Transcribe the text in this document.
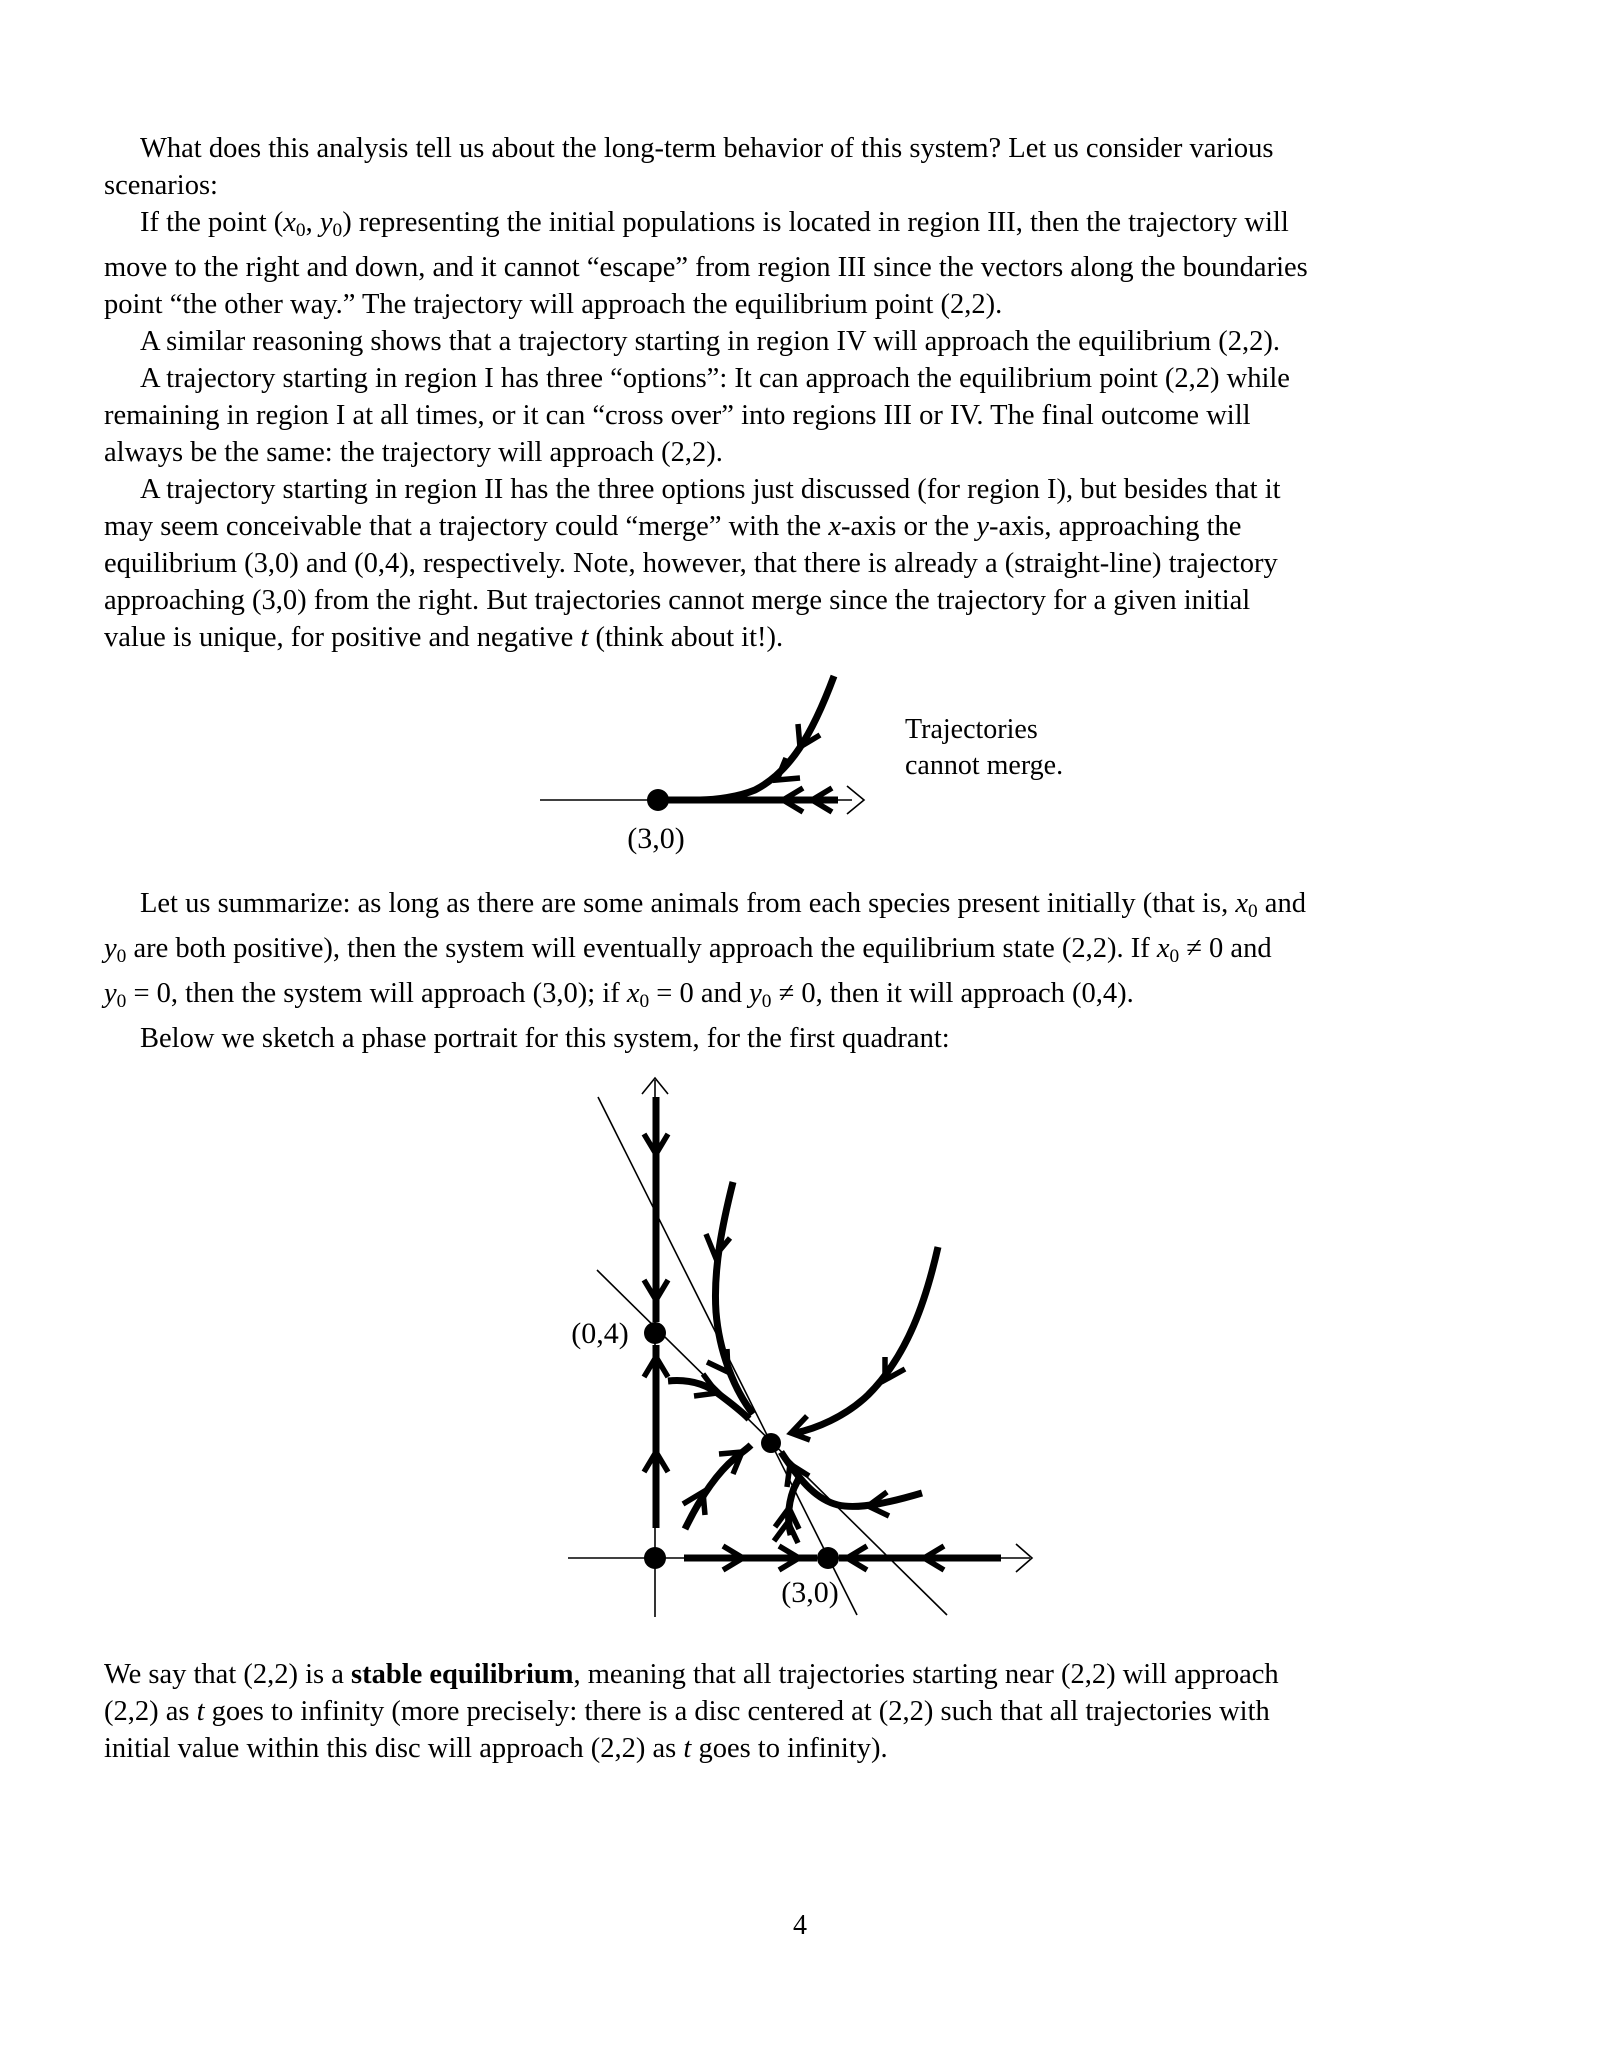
What does this analysis tell us about the long-term behavior of this system? Let us consider various
scenarios:
If the point (x0, y0) representing the initial populations is located in region III, then the trajectory will
move to the right and down, and it cannot “escape” from region III since the vectors along the boundaries
point “the other way.” The trajectory will approach the equilibrium point (2,2).
A similar reasoning shows that a trajectory starting in region IV will approach the equilibrium (2,2).
A trajectory starting in region I has three “options”: It can approach the equilibrium point (2,2) while
remaining in region I at all times, or it can “cross over” into regions III or IV. The final outcome will
always be the same: the trajectory will approach (2,2).
A trajectory starting in region II has the three options just discussed (for region I), but besides that it
may seem conceivable that a trajectory could “merge” with the x-axis or the y-axis, approaching the
equilibrium (3,0) and (0,4), respectively. Note, however, that there is already a (straight-line) trajectory
approaching (3,0) from the right. But trajectories cannot merge since the trajectory for a given initial
value is unique, for positive and negative t (think about it!).
(3,0)
Trajectories
cannot merge.
Let us summarize: as long as there are some animals from each species present initially (that is, x0 and
y0 are both positive), then the system will eventually approach the equilibrium state (2,2). If x0 ≠ 0 and
y0 = 0, then the system will approach (3,0); if x0 = 0 and y0 ≠ 0, then it will approach (0,4).
Below we sketch a phase portrait for this system, for the first quadrant:
(0,4)
(3,0)
We say that (2,2) is a stable equilibrium, meaning that all trajectories starting near (2,2) will approach
(2,2) as t goes to infinity (more precisely: there is a disc centered at (2,2) such that all trajectories with
initial value within this disc will approach (2,2) as t goes to infinity).
4
